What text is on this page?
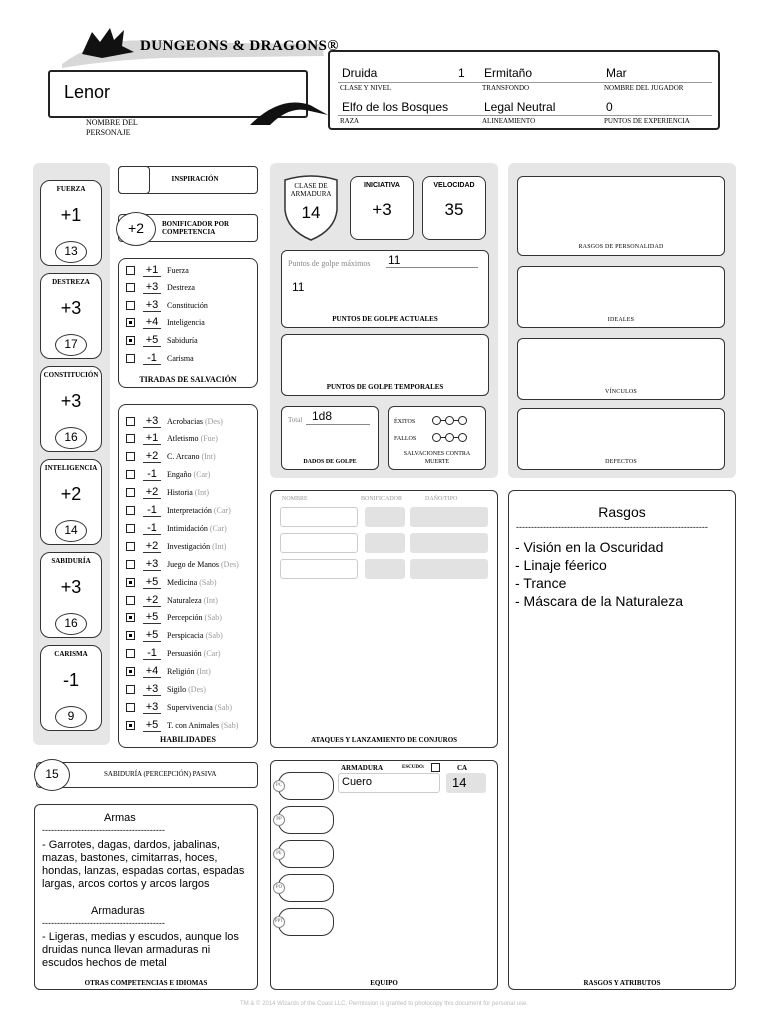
DUNGEONS & DRAGONS®
Lenor
NOMBRE DEL PERSONAJE
Druida	1 Ermitaño	Mar
CLASE Y NIVEL	TRANSFONDO	NOMBRE DEL JUGADOR
Elfo de los Bosques	Legal Neutral	0
RAZA	ALINEAMIENTO	PUNTOS DE EXPERIENCIA
FUERZA
+1
13
DESTREZA
+3
17
CONSTITUCIÓN
+3
16
INTELIGENCIA
+2
14
SABIDURÍA
+3
16
CARISMA
-1
9
INSPIRACIÓN
+2	BONIFICADOR POR COMPETENCIA
+1	Fuerza
+3	Destreza
+3	Constitución
+4	Inteligencia
+5	Sabiduría
-1	Carisma
TIRADAS DE SALVACIÓN
+3	Acrobacias (Des)
+1	Atletismo (Fue)
+2	C. Arcano (Int)
-1	Engaño (Car)
+2	Historia (Int)
-1	Interpretación (Car)
-1	Intimidación (Car)
+2	Investigación (Int)
+3	Juego de Manos (Des)
+5	Medicina (Sab)
+2	Naturaleza (Int)
+5	Percepción (Sab)
+5	Perspicacia (Sab)
-1	Persuasión (Car)
+4	Religión (Int)
+3	Sigilo (Des)
+3	Supervivencia (Sab)
+5	T. con Animales (Sab)
HABILIDADES
15	SABIDURÍA (PERCEPCIÓN) PASIVA
Armas
-----------------------------------------
- Garrotes, dagas, dardos, jabalinas, mazas, bastones, cimitarras, hoces, hondas, lanzas, espadas cortas, espadas largas, arcos cortos y arcos largos
Armaduras
-----------------------------------------
- Ligeras, medias y escudos, aunque los druidas nunca llevan armaduras ni escudos hechos de metal
OTRAS COMPETENCIAS E IDIOMAS
CLASE DE ARMADURA
14
INICIATIVA
+3
VELOCIDAD
35
Puntos de golpe máximos 11
11
PUNTOS DE GOLPE ACTUALES
PUNTOS DE GOLPE TEMPORALES
Total 1d8
DADOS DE GOLPE
ÉXITOS
FALLOS
SALVACIONES CONTRA MUERTE
NOMBRE	BONIFICADOR	DAÑO/TIPO
ATAQUES Y LANZAMIENTO DE CONJUROS
ARMADURA	ESCUDO:	CA
Cuero	14
PC
PP
PE
PO
PPT
EQUIPO
RASGOS DE PERSONALIDAD
IDEALES
VÍNCULOS
DEFECTOS
Rasgos
----------------------------------------------------------------
- Visión en la Oscuridad
- Linaje féerico
- Trance
- Máscara de la Naturaleza
RASGOS Y ATRIBUTOS
TM & © 2014 Wizards of the Coast LLC. Permission is granted to photocopy this document for personal use.
